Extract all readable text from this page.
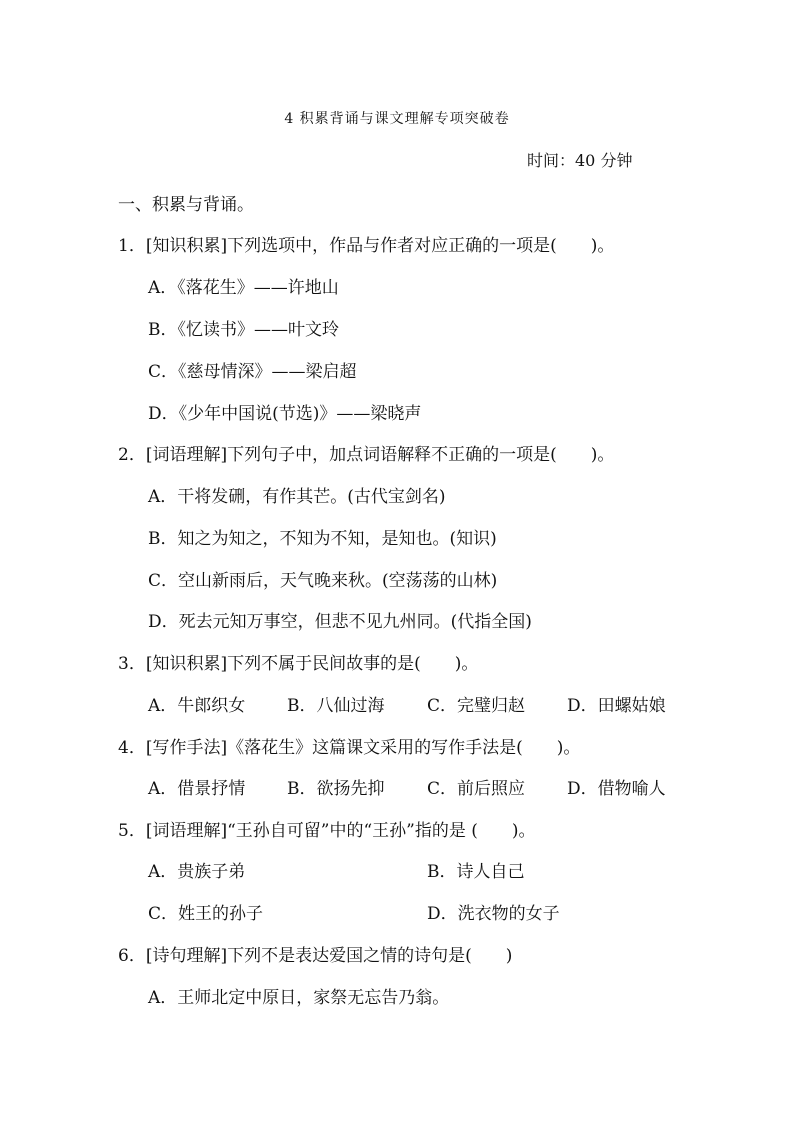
4 积累背诵与课文理解专项突破卷
时间：40 分钟
一、积累与背诵。
1．[知识积累]下列选项中，作品与作者对应正确的一项是(　　)。
A．《落花生》——许地山
B．《忆读书》——叶文玲
C．《慈母情深》——梁启超
D．《少年中国说(节选)》——梁晓声
2．[词语理解]下列句子中，加点词语解释不正确的一项是(　　)。
A．干将发硎，有作其芒。(古代宝剑名)
B．知之为知之，不知为不知，是知也。(知识)
C．空山新雨后，天气晚来秋。(空荡荡的山林)
D．死去元知万事空，但悲不见九州同。(代指全国)
3．[知识积累]下列不属于民间故事的是(　　)。
A．牛郎织女 B．八仙过海	C．完璧归赵 D．田螺姑娘
4．[写作手法]《落花生》这篇课文采用的写作手法是(　　)。
A．借景抒情 B．欲扬先抑	C．前后照应 D．借物喻人
5．[词语理解]“王孙自可留”中的“王孙”指的是 (　　)。
A．贵族子弟	B．诗人自己
C．姓王的孙子	D．洗衣物的女子
6．[诗句理解]下列不是表达爱国之情的诗句是(　　)
A．王师北定中原日，家祭无忘告乃翁。
